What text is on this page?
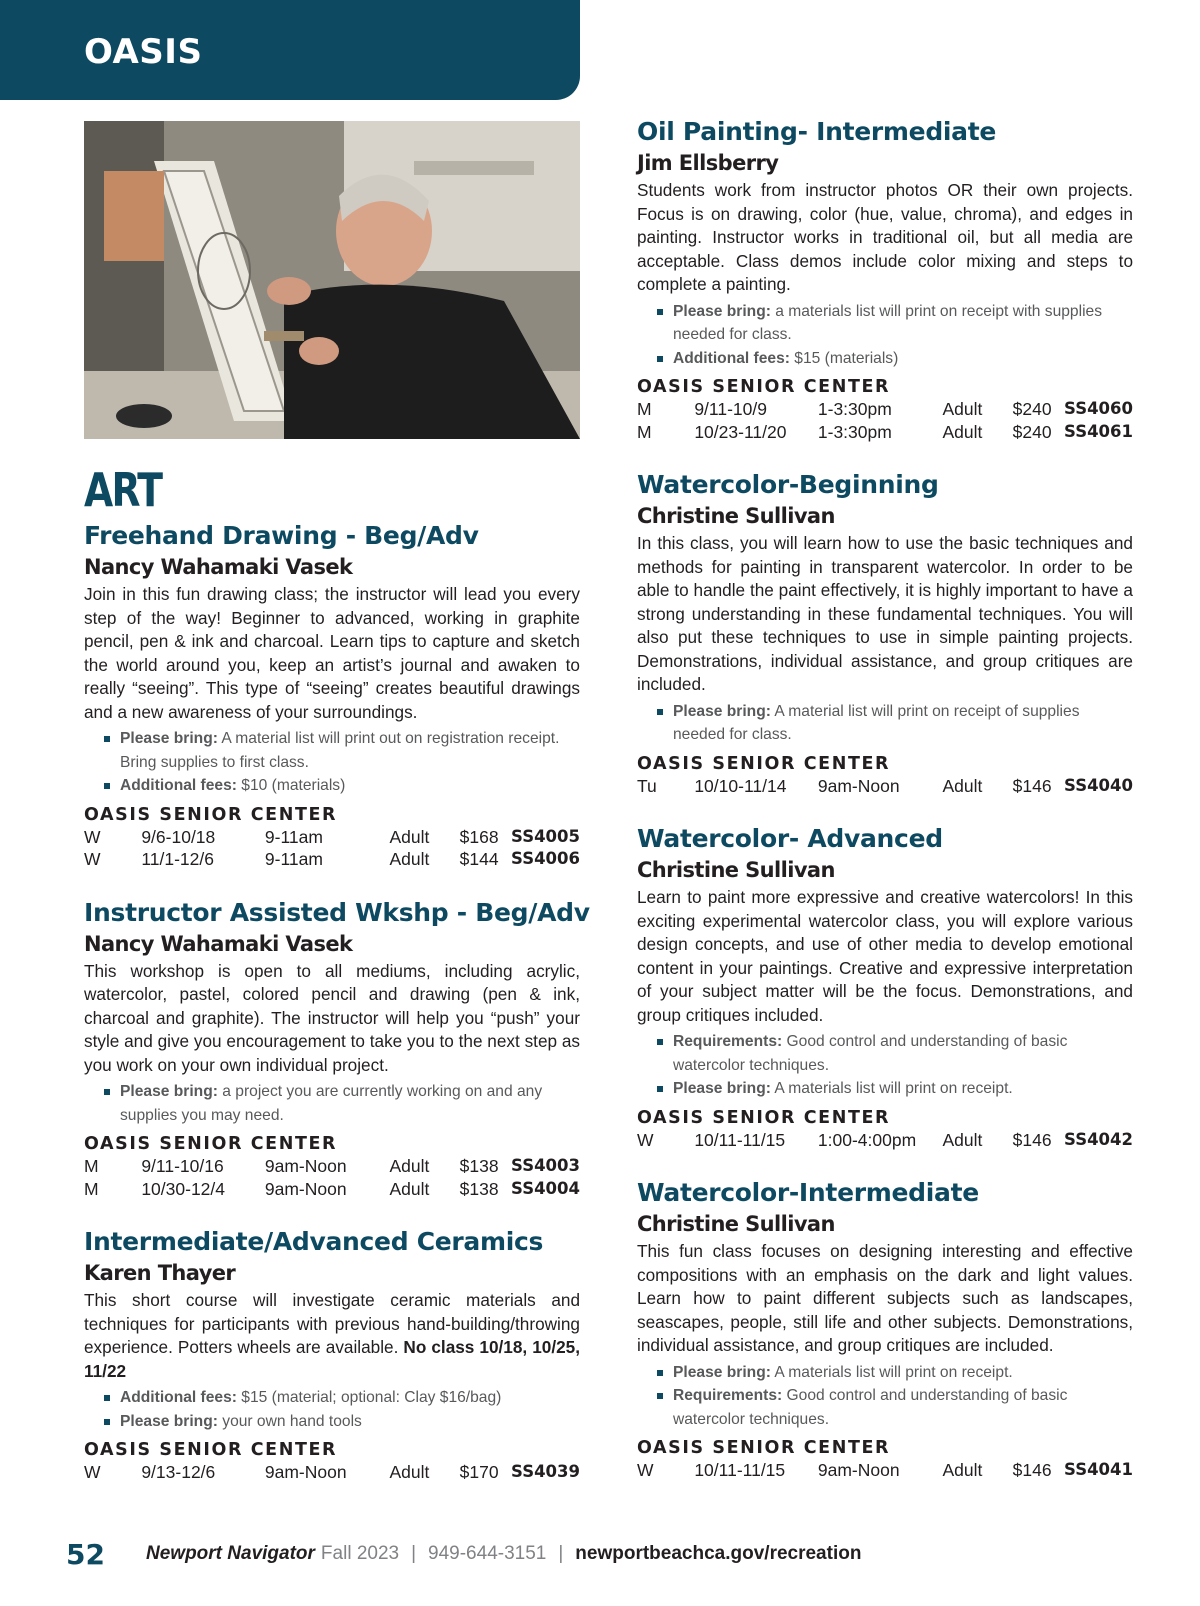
OASIS
ART
Freehand Drawing - Beg/Adv
Nancy Wahamaki Vasek
Join in this fun drawing class; the instructor will lead you every step of the way! Beginner to advanced, working in graphite pencil, pen & ink and charcoal. Learn tips to capture and sketch the world around you, keep an artist’s journal and awaken to really “seeing”. This type of “seeing” creates beautiful drawings and a new awareness of your surroundings.
Please bring: A material list will print out on registration receipt. Bring supplies to first class.
Additional fees: $10 (materials)
OASIS SENIOR CENTER
W	9/6-10/18	9-11am	Adult	$168 SS4005
W	11/1-12/6	9-11am	Adult	$144 SS4006
Instructor Assisted Wkshp - Beg/Adv
Nancy Wahamaki Vasek
This workshop is open to all mediums, including acrylic, watercolor, pastel, colored pencil and drawing (pen & ink, charcoal and graphite). The instructor will help you “push” your style and give you encouragement to take you to the next step as you work on your own individual project.
Please bring: a project you are currently working on and any supplies you may need.
OASIS SENIOR CENTER
M	9/11-10/16	9am-Noon	Adult	$138 SS4003
M	10/30-12/4	9am-Noon	Adult	$138 SS4004
Intermediate/Advanced Ceramics
Karen Thayer
This short course will investigate ceramic materials and techniques for participants with previous hand-building/throwing experience. Potters wheels are available. No class 10/18, 10/25, 11/22
Additional fees: $15 (material; optional: Clay $16/bag)
Please bring: your own hand tools
OASIS SENIOR CENTER
W	9/13-12/6	9am-Noon	Adult	$170 SS4039
Oil Painting- Intermediate
Jim Ellsberry
Students work from instructor photos OR their own projects. Focus is on drawing, color (hue, value, chroma), and edges in painting. Instructor works in traditional oil, but all media are acceptable. Class demos include color mixing and steps to complete a painting.
Please bring: a materials list will print on receipt with supplies needed for class.
Additional fees: $15 (materials)
OASIS SENIOR CENTER
M	9/11-10/9	1-3:30pm	Adult	$240 SS4060
M	10/23-11/20	1-3:30pm	Adult	$240 SS4061
Watercolor-Beginning
Christine Sullivan
In this class, you will learn how to use the basic techniques and methods for painting in transparent watercolor. In order to be able to handle the paint effectively, it is highly important to have a strong understanding in these fundamental techniques. You will also put these techniques to use in simple painting projects. Demonstrations, individual assistance, and group critiques are included.
Please bring: A material list will print on receipt of supplies needed for class.
OASIS SENIOR CENTER
Tu	10/10-11/14	9am-Noon	Adult	$146 SS4040
Watercolor- Advanced
Christine Sullivan
Learn to paint more expressive and creative watercolors! In this exciting experimental watercolor class, you will explore various design concepts, and use of other media to develop emotional content in your paintings. Creative and expressive interpretation of your subject matter will be the focus. Demonstrations, and group critiques included.
Requirements: Good control and understanding of basic watercolor techniques.
Please bring: A materials list will print on receipt.
OASIS SENIOR CENTER
W	10/11-11/15	1:00-4:00pm	Adult	$146 SS4042
Watercolor-Intermediate
Christine Sullivan
This fun class focuses on designing interesting and effective compositions with an emphasis on the dark and light values. Learn how to paint different subjects such as landscapes, seascapes, people, still life and other subjects. Demonstrations, individual assistance, and group critiques are included.
Please bring: A materials list will print on receipt.
Requirements: Good control and understanding of basic watercolor techniques.
OASIS SENIOR CENTER
W	10/11-11/15	9am-Noon	Adult	$146 SS4041
52	Newport Navigator Fall 2023 | 949-644-3151 | newportbeachca.gov/recreation
